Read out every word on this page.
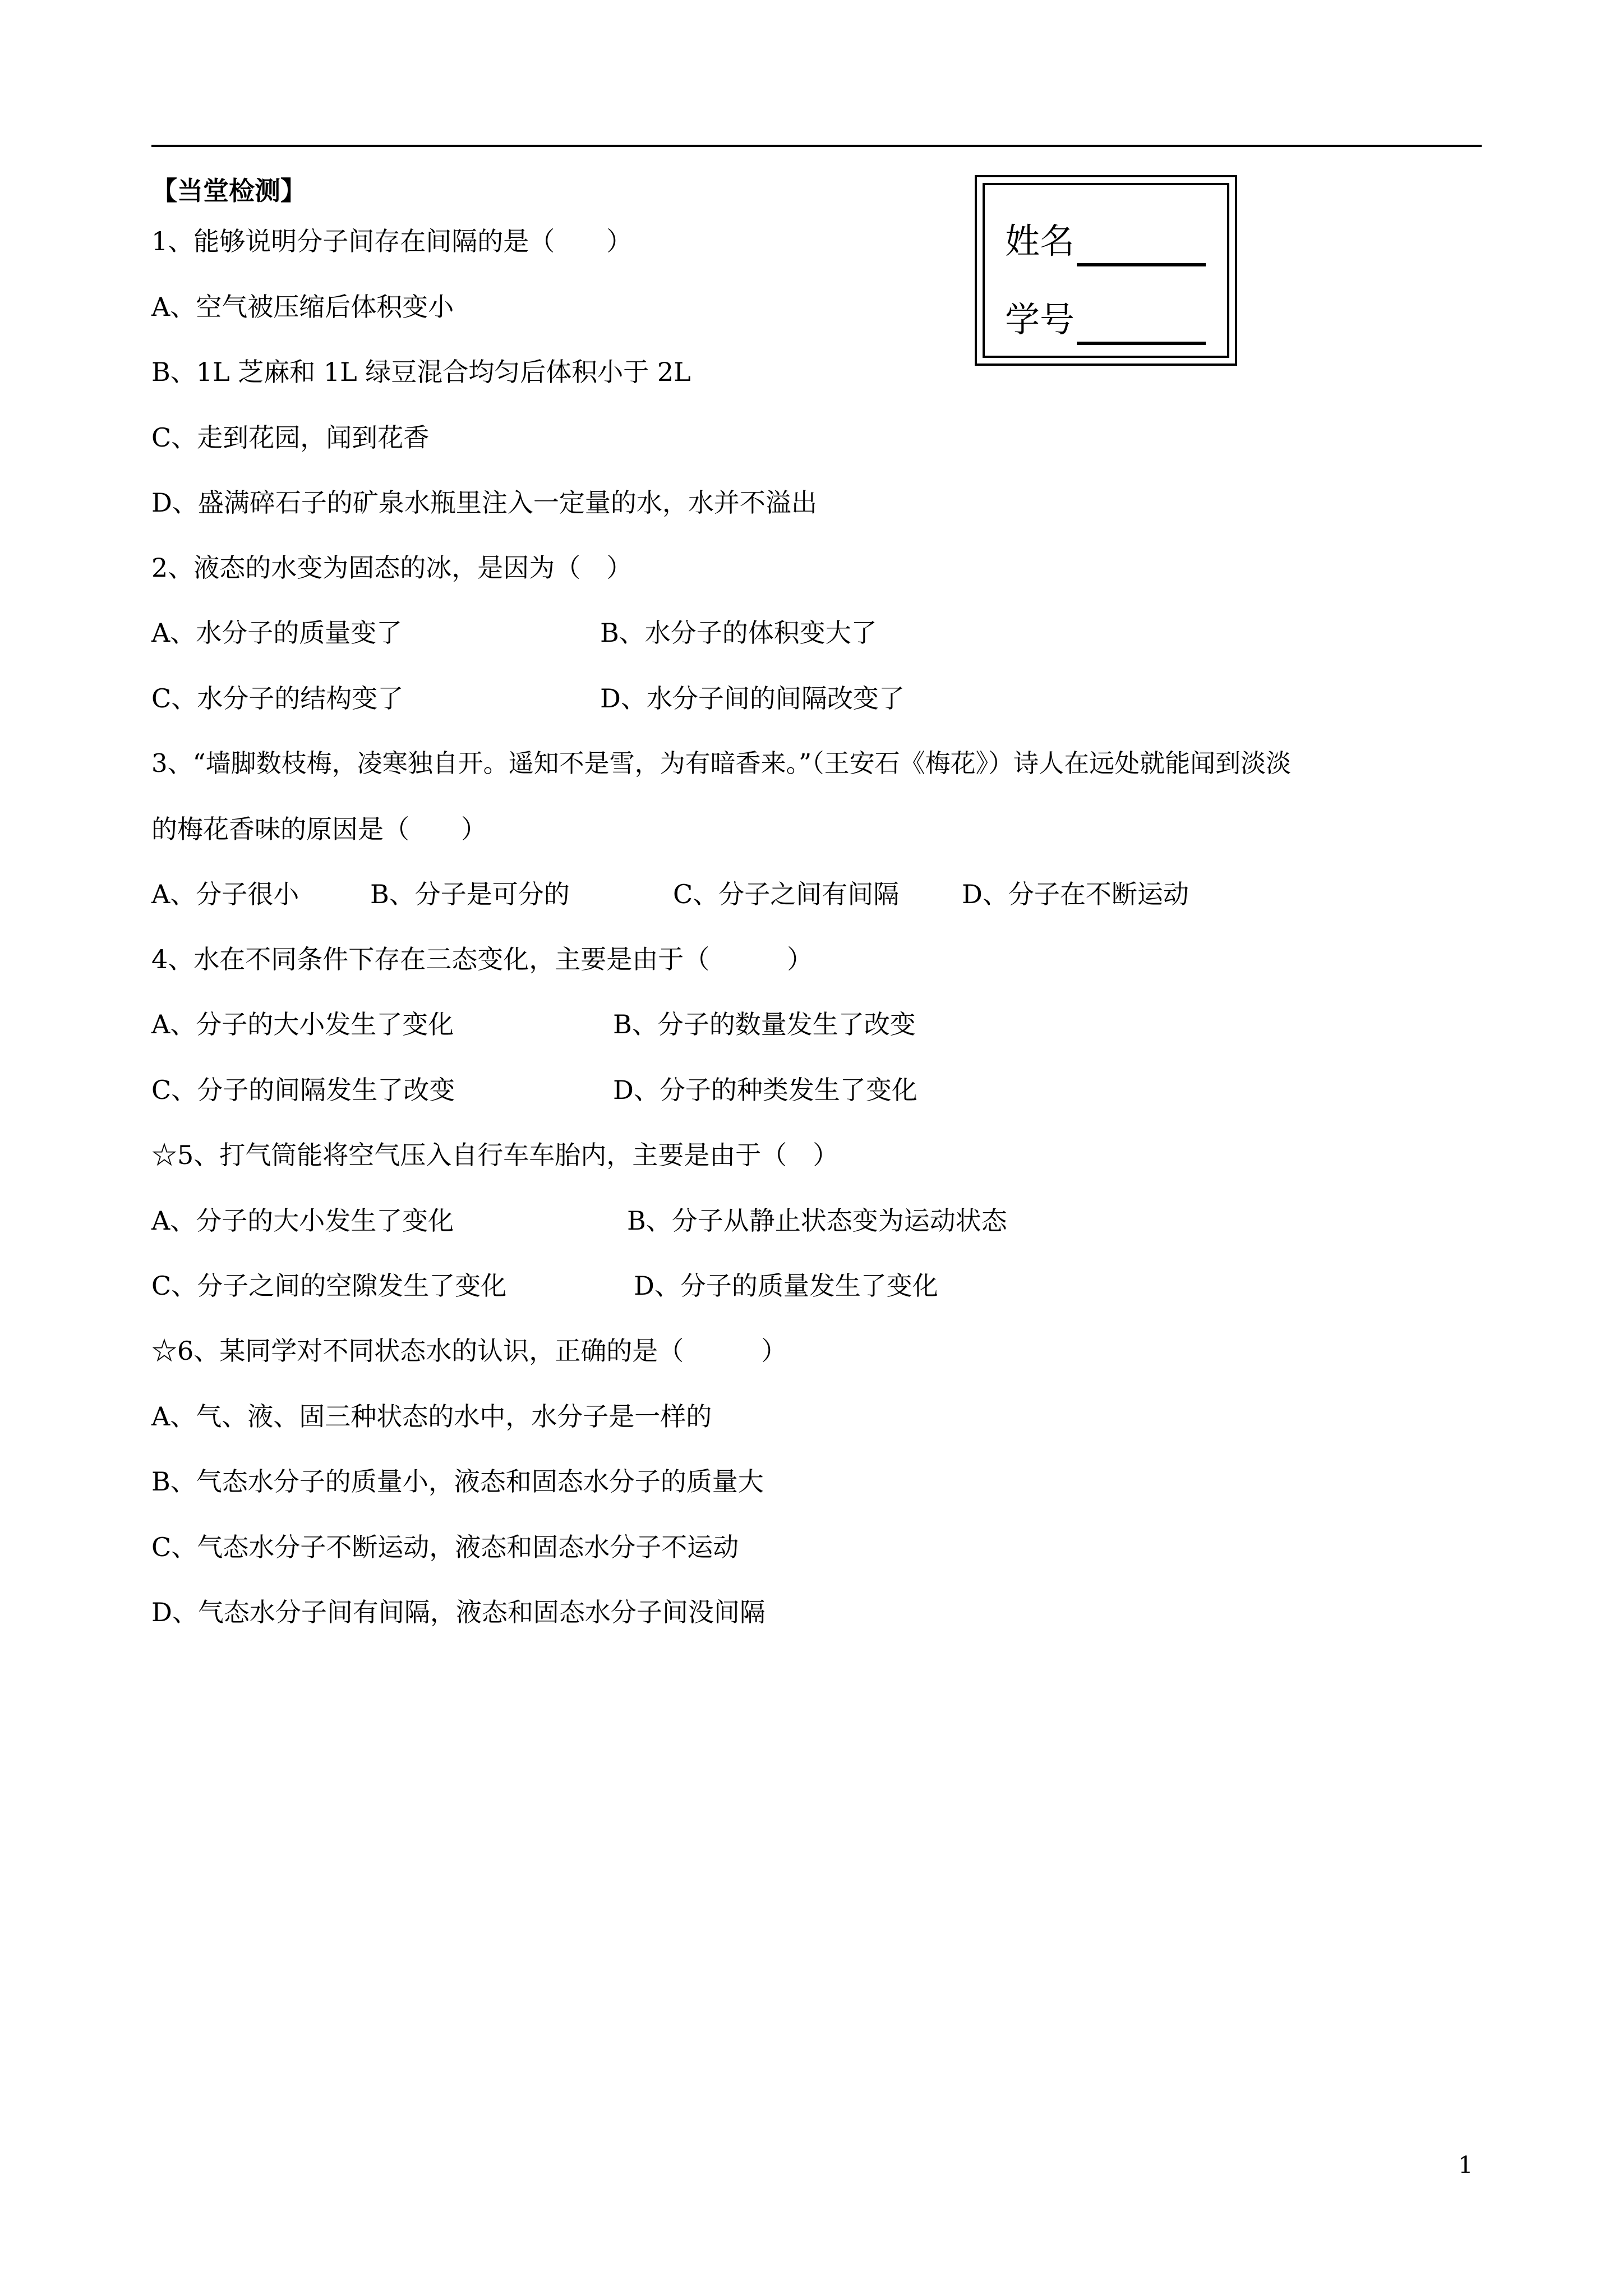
【当堂检测】
姓名
学号
1、能够说明分子间存在间隔的是（　　）
A、空气被压缩后体积变小
B、1L 芝麻和 1L 绿豆混合均匀后体积小于 2L
C、走到花园，闻到花香
D、盛满碎石子的矿泉水瓶里注入一定量的水，水并不溢出
2、液态的水变为固态的冰，是因为（　）
A、水分子的质量变了	B、水分子的体积变大了
C、水分子的结构变了	D、水分子间的间隔改变了
3、“墙脚数枝梅，凌寒独自开。遥知不是雪，为有暗香来。”（王安石《梅花》）诗人在远处就能闻到淡淡
的梅花香味的原因是（　　）
A、分子很小	B、分子是可分的	C、分子之间有间隔 D、分子在不断运动
4、水在不同条件下存在三态变化，主要是由于（　　　）
A、分子的大小发生了变化	B、分子的数量发生了改变
C、分子的间隔发生了改变	D、分子的种类发生了变化
☆5、打气筒能将空气压入自行车车胎内，主要是由于（　）
A、分子的大小发生了变化	B、分子从静止状态变为运动状态
C、分子之间的空隙发生了变化	D、分子的质量发生了变化
☆6、某同学对不同状态水的认识，正确的是（　　　）
A、气、液、固三种状态的水中，水分子是一样的
B、气态水分子的质量小，液态和固态水分子的质量大
C、气态水分子不断运动，液态和固态水分子不运动
D、气态水分子间有间隔，液态和固态水分子间没间隔
1
